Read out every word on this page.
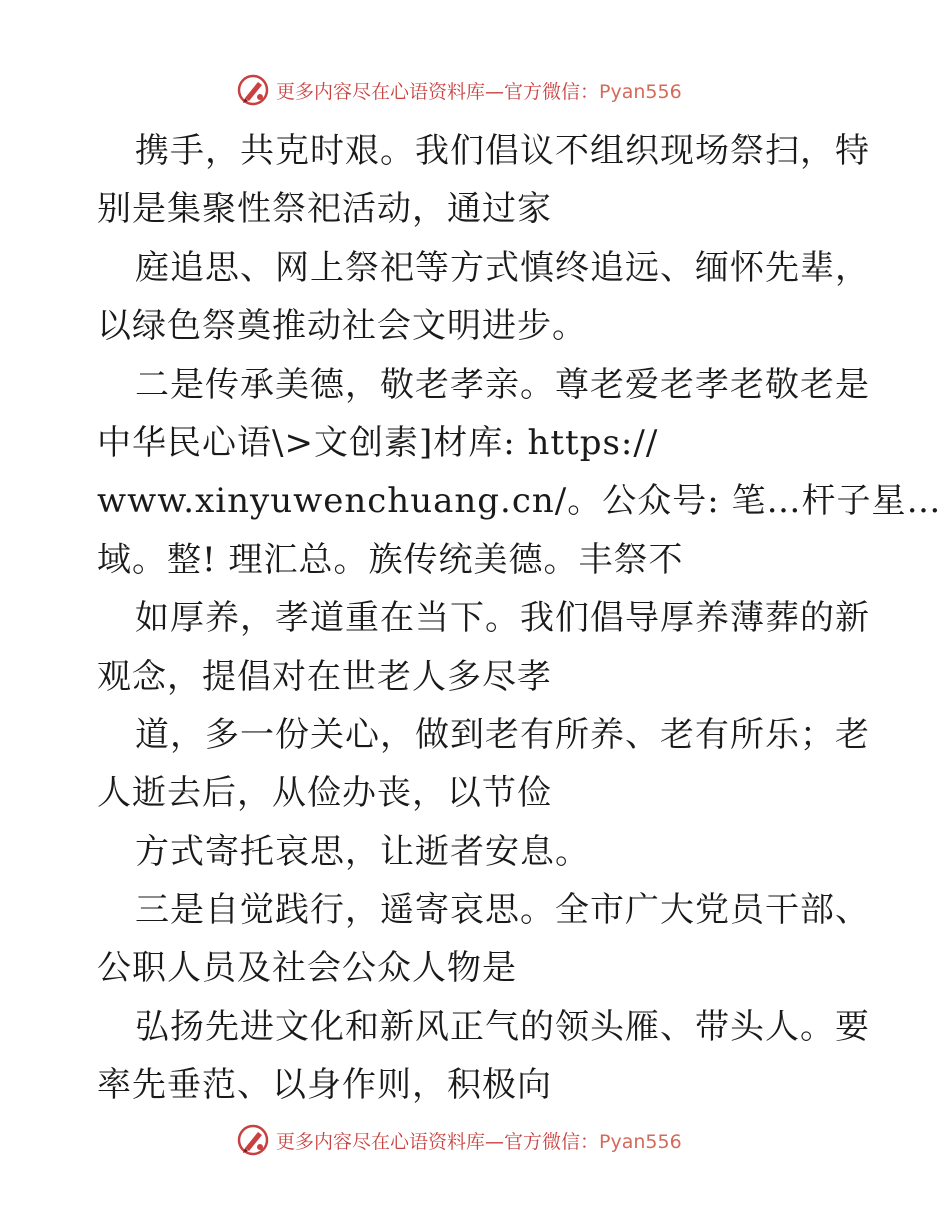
更多内容尽在心语资料库—官方微信：Pyan556
携手，共克时艰。我们倡议不组织现场祭扫，特
别是集聚性祭祀活动，通过家
庭追思、网上祭祀等方式慎终追远、缅怀先辈，
以绿色祭奠推动社会文明进步。
二是传承美德，敬老孝亲。尊老爱老孝老敬老是
中华民心语\>文创素]材库: https://
www.xinyuwenchuang.cn/。公众号: 笔…杆子星…
域。整! 理汇总。族传统美德。丰祭不
如厚养，孝道重在当下。我们倡导厚养薄葬的新
观念，提倡对在世老人多尽孝
道，多一份关心，做到老有所养、老有所乐；老
人逝去后，从俭办丧，以节俭
方式寄托哀思，让逝者安息。
三是自觉践行，遥寄哀思。全市广大党员干部、
公职人员及社会公众人物是
弘扬先进文化和新风正气的领头雁、带头人。要
率先垂范、以身作则，积极向
更多内容尽在心语资料库—官方微信：Pyan556
